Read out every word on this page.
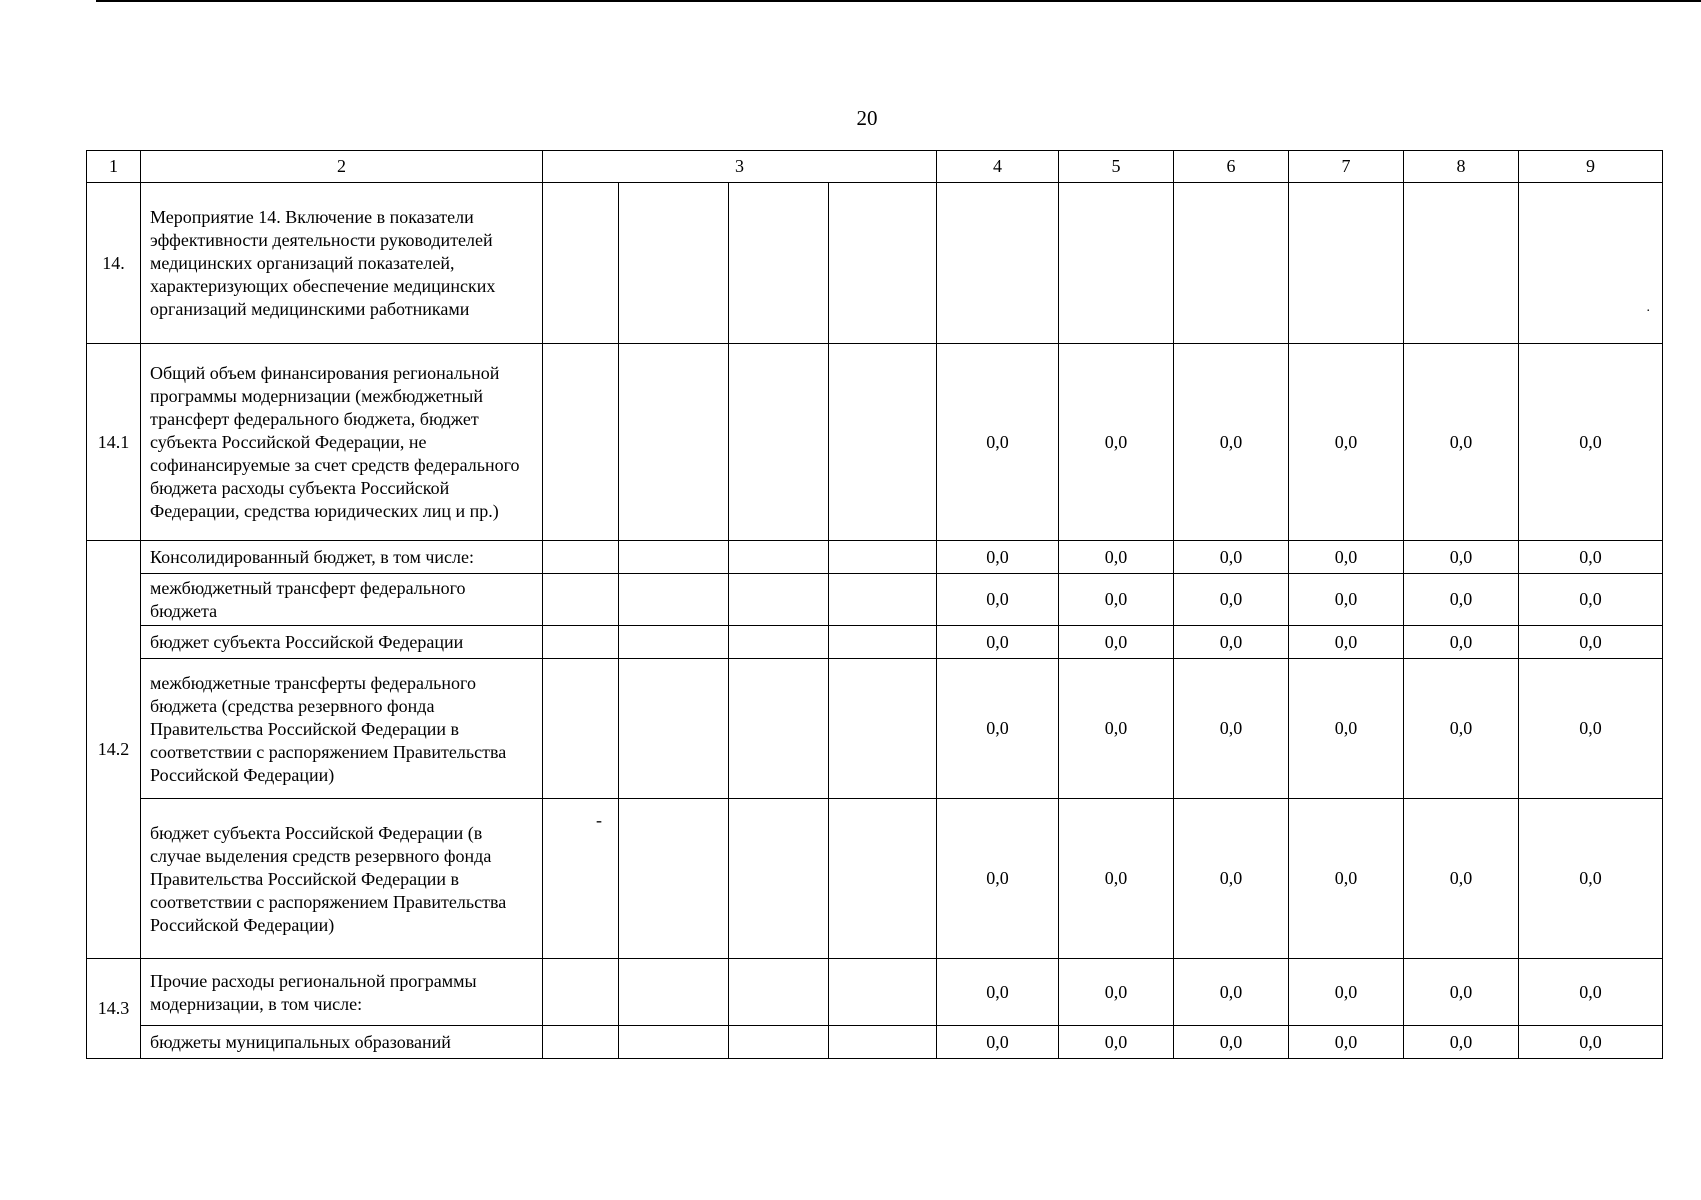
20
1	2	3				4	5	6	7	8	9
14.	Мероприятие 14. Включение в показатели эффективности деятельности руководителей медицинских организаций показателей, характеризующих обеспечение медицинских организаций медицинскими работниками										.

14.1	Общий объем финансирования региональной программы модернизации (межбюджетный трансферт федерального бюджета, бюджет субъекта Российской Федерации, не софинансируемые за счет средств федерального бюджета расходы субъекта Российской Федерации, средства юридических лиц и пр.)					0,0	0,0	0,0	0,0	0,0	0,0
14.2	Консолидированный бюджет, в том числе:					0,0	0,0	0,0	0,0	0,0	0,0
	межбюджетный трансферт федерального бюджета					0,0	0,0	0,0	0,0	0,0	0,0
	бюджет субъекта Российской Федерации					0,0	0,0	0,0	0,0	0,0	0,0
	межбюджетные трансферты федерального бюджета (средства резервного фонда Правительства Российской Федерации в соответствии с распоряжением Правительства Российской Федерации)					0,0	0,0	0,0	0,0	0,0	0,0
	бюджет субъекта Российской Федерации (в случае выделения средств резервного фонда Правительства Российской Федерации в соответствии с распоряжением Правительства Российской Федерации)	-				0,0	0,0	0,0	0,0	0,0	0,0
14.3	Прочие расходы региональной программы модернизации, в том числе:					0,0	0,0	0,0	0,0	0,0	0,0
	бюджеты муниципальных образований					0,0	0,0	0,0	0,0	0,0	0,0
